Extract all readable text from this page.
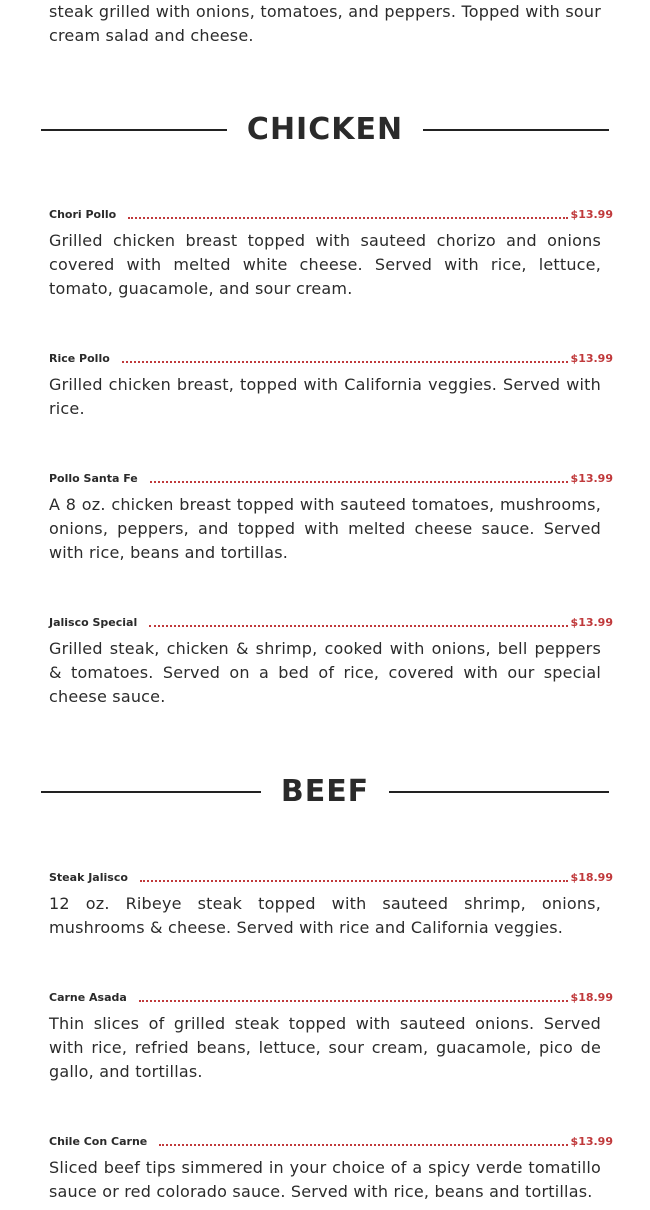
steak grilled with onions, tomatoes, and peppers. Topped with sour cream salad and cheese.

CHICKEN
Chori Pollo	$13.99

Grilled chicken breast topped with sauteed chorizo and onions covered with melted white cheese. Served with rice, lettuce, tomato, guacamole, and sour cream.

Rice Pollo	$13.99

Grilled chicken breast, topped with California veggies. Served with rice.

Pollo Santa Fe	$13.99

A 8 oz. chicken breast topped with sauteed tomatoes, mushrooms, onions, peppers, and topped with melted cheese sauce. Served with rice, beans and tortillas.

Jalisco Special	$13.99

Grilled steak, chicken & shrimp, cooked with onions, bell peppers & tomatoes. Served on a bed of rice, covered with our special cheese sauce.

BEEF
Steak Jalisco	$18.99

12 oz. Ribeye steak topped with sauteed shrimp, onions, mushrooms & cheese. Served with rice and California veggies.

Carne Asada	$18.99

Thin slices of grilled steak topped with sauteed onions. Served with rice, refried beans, lettuce, sour cream, guacamole, pico de gallo, and tortillas.

Chile Con Carne	$13.99

Sliced beef tips simmered in your choice of a spicy verde tomatillo sauce or red colorado sauce. Served with rice, beans and tortillas.
